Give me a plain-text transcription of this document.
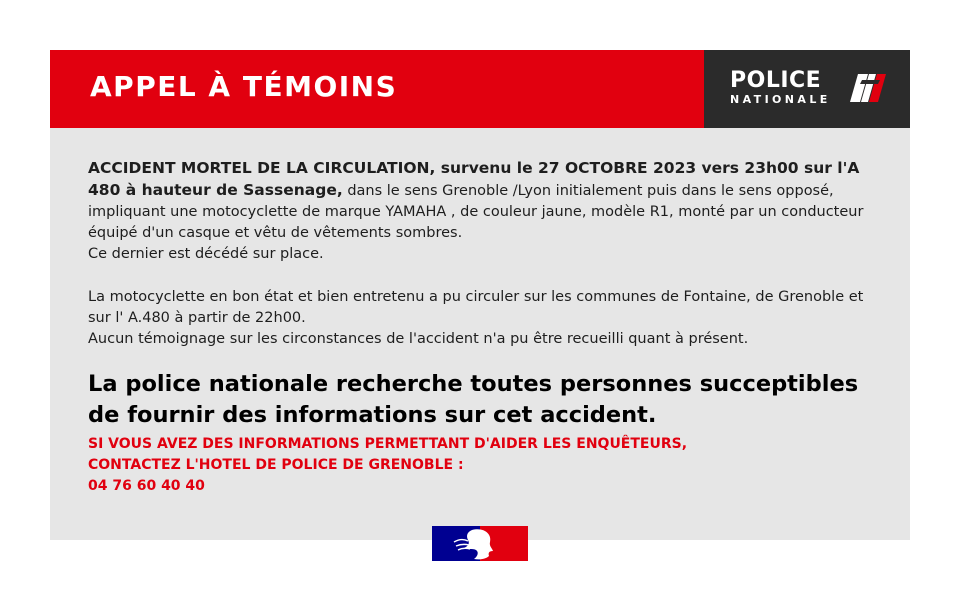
APPEL À TÉMOINS	POLICE
NATIONALE

ACCIDENT MORTEL DE LA CIRCULATION, survenu le 27 OCTOBRE 2023 vers 23h00 sur l'A 480 à hauteur de Sassenage, dans le sens Grenoble /Lyon initialement puis dans le sens opposé, impliquant une motocyclette de marque YAMAHA , de couleur jaune, modèle R1, monté par un conducteur équipé d'un casque et vêtu de vêtements sombres.
Ce dernier est décédé sur place.

La motocyclette en bon état et bien entretenu a pu circuler sur les communes de Fontaine, de Grenoble et sur l' A.480 à partir de 22h00.
Aucun témoignage sur les circonstances de l'accident n'a pu être recueilli quant à présent.

La police nationale recherche toutes personnes succeptibles de fournir des informations sur cet accident.

SI VOUS AVEZ DES INFORMATIONS PERMETTANT D'AIDER LES ENQUÊTEURS,
CONTACTEZ L'HOTEL DE POLICE DE GRENOBLE :
04 76 60 40 40
